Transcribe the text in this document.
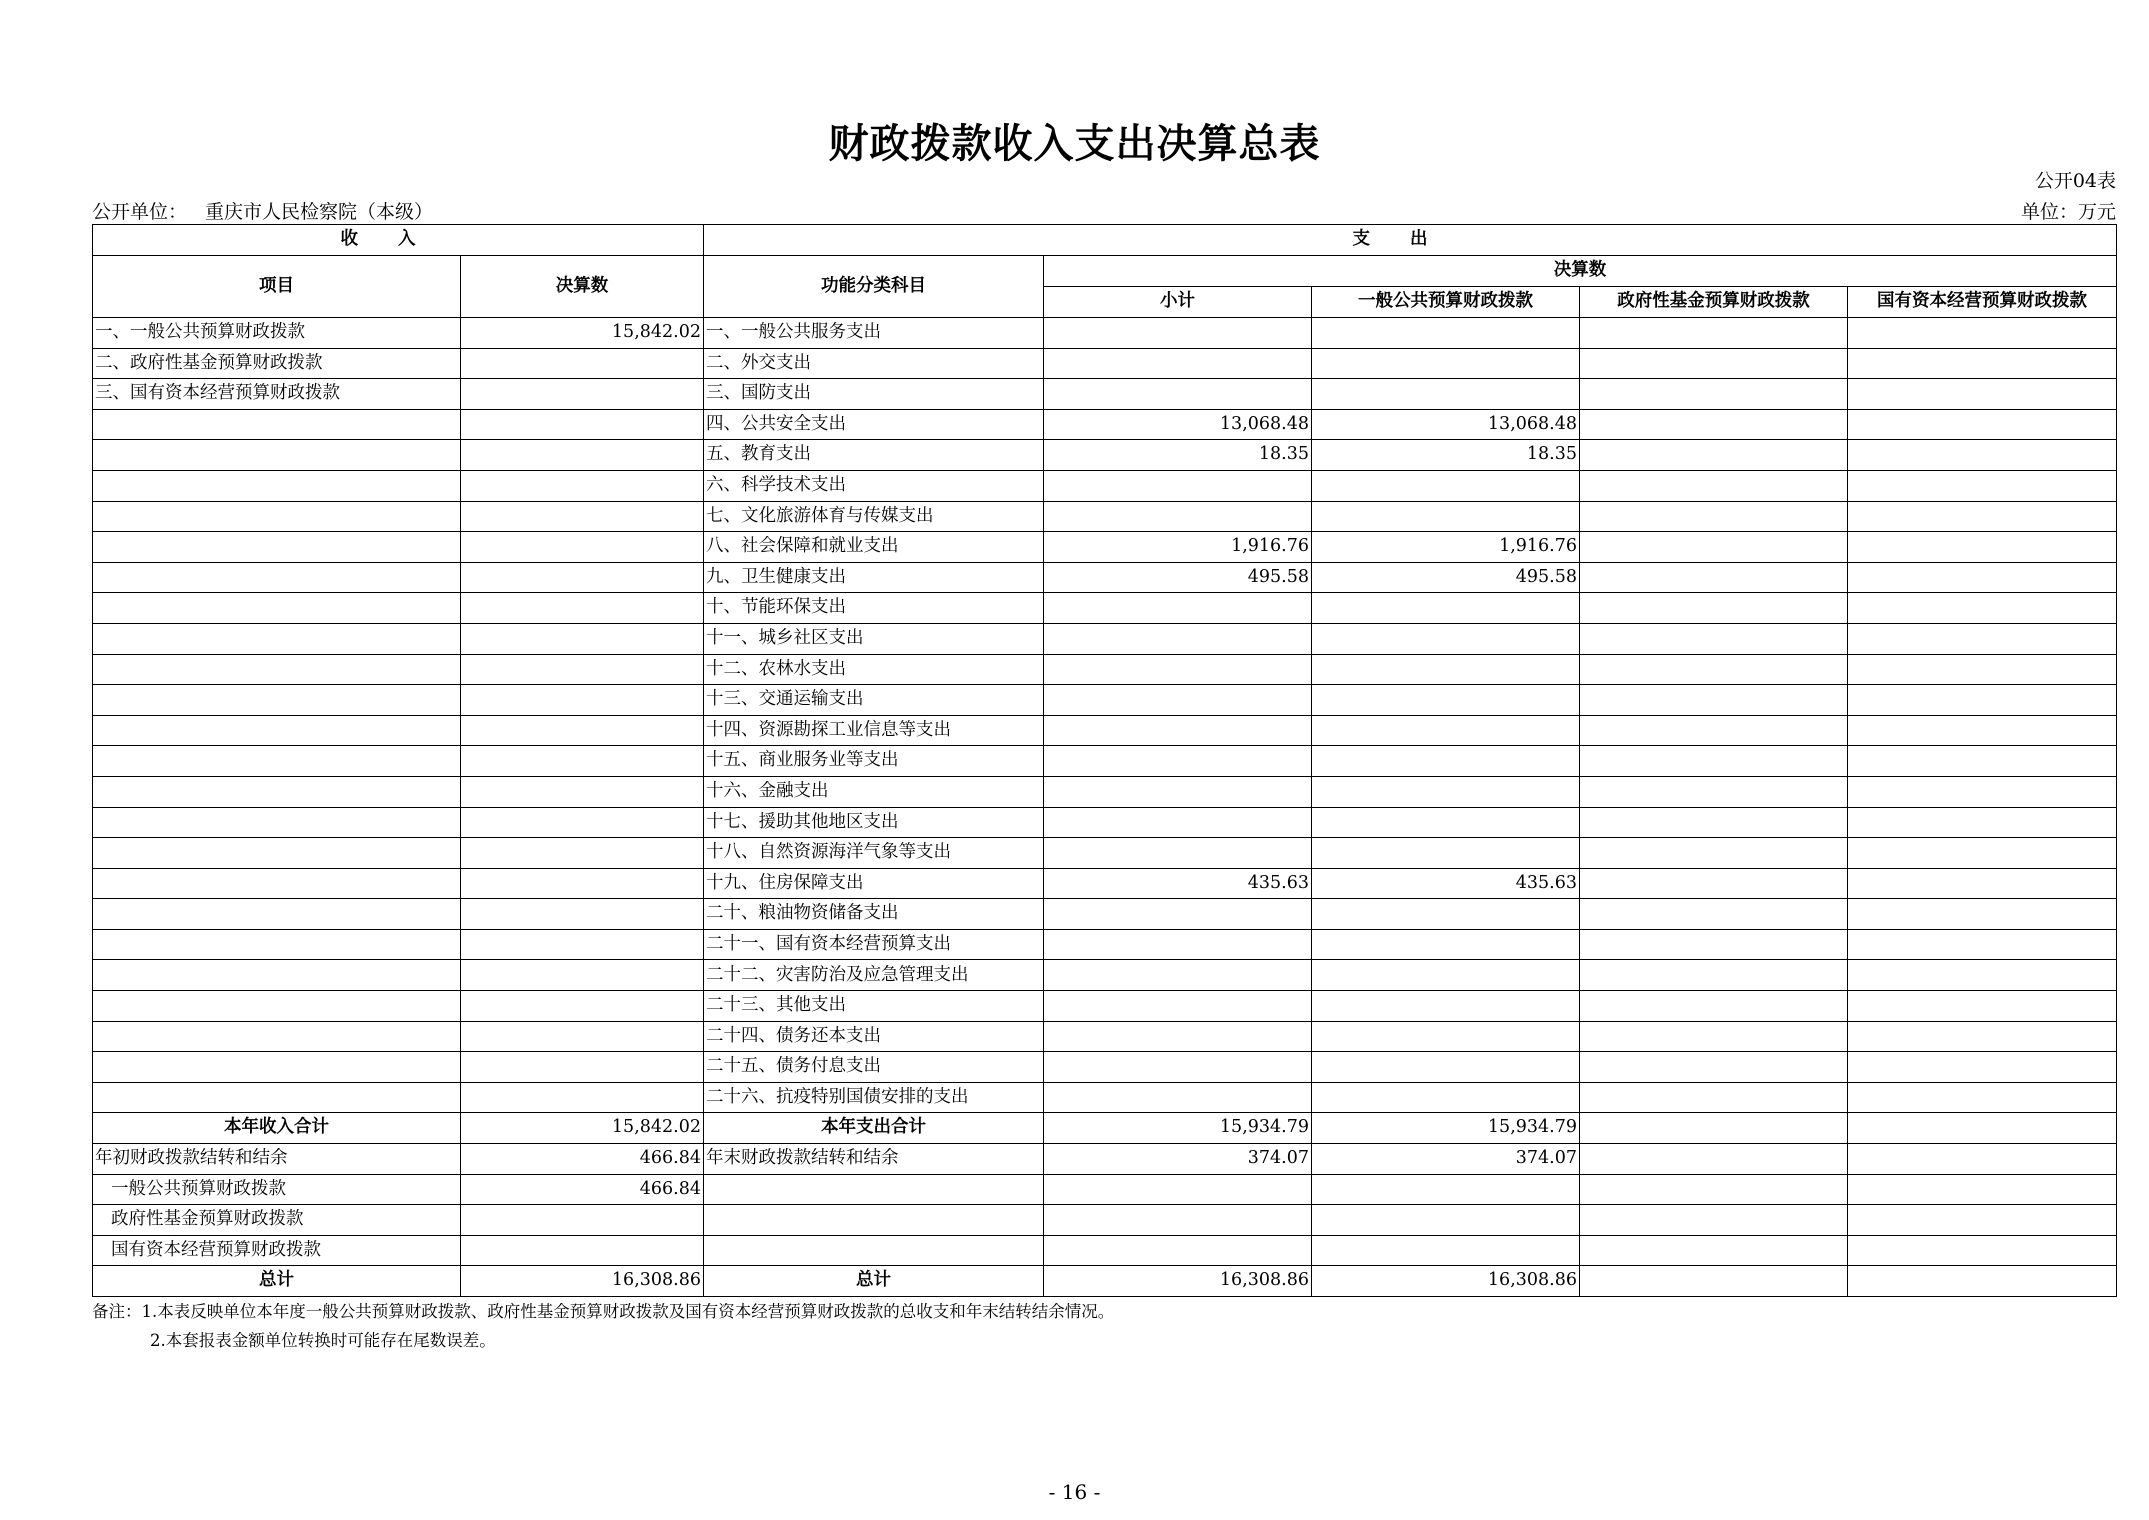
财政拨款收入支出决算总表
公开04表
公开单位： 重庆市人民检察院（本级）	单位：万元
收入		支出				
项目	决算数	功能分类科目	决算数			
			小计	一般公共预算财政拨款	政府性基金预算财政拨款	国有资本经营预算财政拨款
一、一般公共预算财政拨款	15,842.02	一、一般公共服务支出				
二、政府性基金预算财政拨款		二、外交支出				
三、国有资本经营预算财政拨款		三、国防支出				
		四、公共安全支出	13,068.48	13,068.48		
		五、教育支出	18.35	18.35		
		六、科学技术支出				
		七、文化旅游体育与传媒支出				
		八、社会保障和就业支出	1,916.76	1,916.76		
		九、卫生健康支出	495.58	495.58		
		十、节能环保支出				
		十一、城乡社区支出				
		十二、农林水支出				
		十三、交通运输支出				
		十四、资源勘探工业信息等支出				
		十五、商业服务业等支出				
		十六、金融支出				
		十七、援助其他地区支出				
		十八、自然资源海洋气象等支出				
		十九、住房保障支出	435.63	435.63		
		二十、粮油物资储备支出				
		二十一、国有资本经营预算支出				
		二十二、灾害防治及应急管理支出				
		二十三、其他支出				
		二十四、债务还本支出				
		二十五、债务付息支出				
		二十六、抗疫特别国债安排的支出				
本年收入合计	15,842.02	本年支出合计	15,934.79	15,934.79		
年初财政拨款结转和结余	466.84	年末财政拨款结转和结余	374.07	374.07		
一般公共预算财政拨款	466.84					
政府性基金预算财政拨款						
国有资本经营预算财政拨款						
总计	16,308.86	总计	16,308.86	16,308.86		
备注：1.本表反映单位本年度一般公共预算财政拨款、政府性基金预算财政拨款及国有资本经营预算财政拨款的总收支和年末结转结余情况。
2.本套报表金额单位转换时可能存在尾数误差。
- 16 -
